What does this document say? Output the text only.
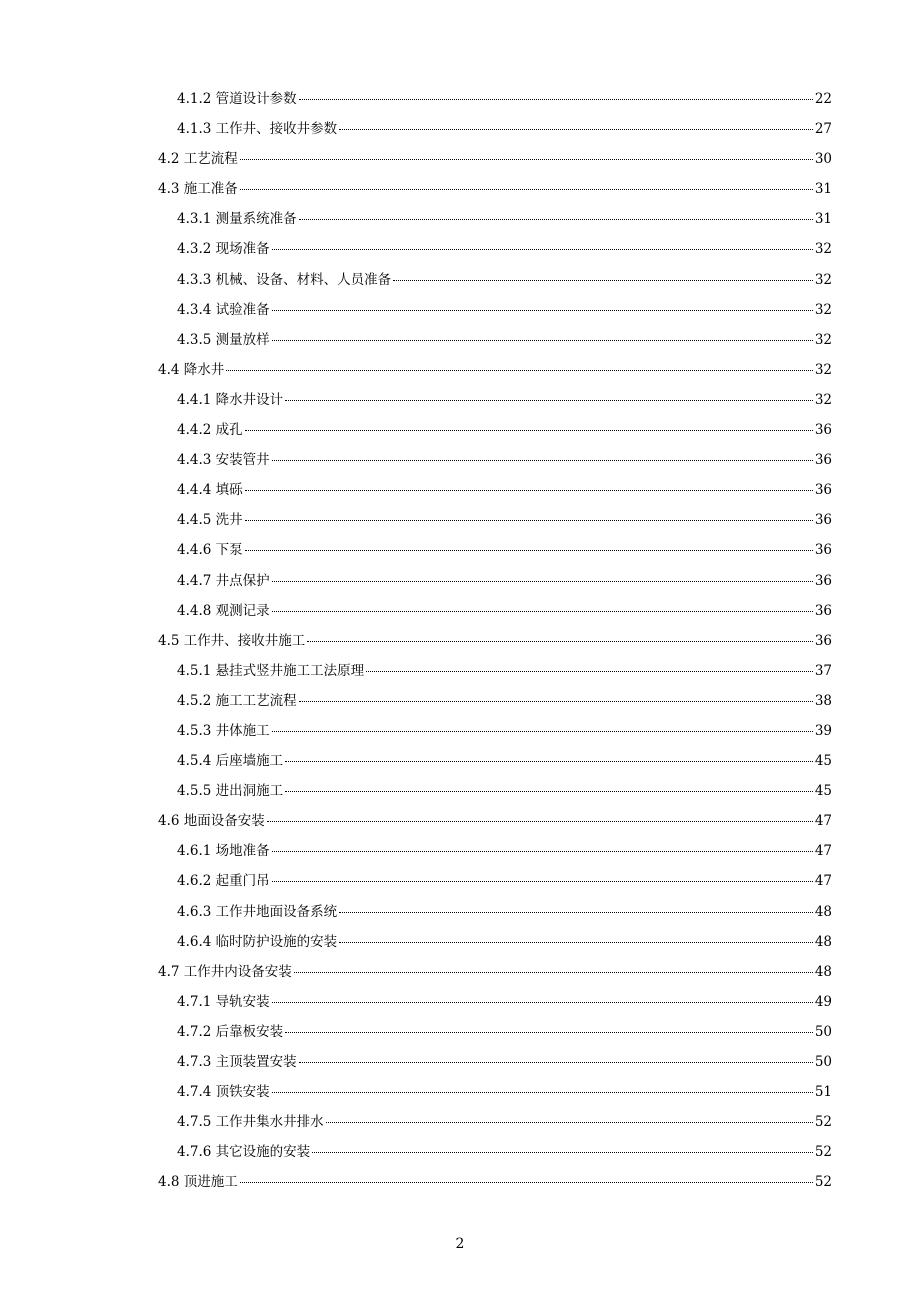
4.1.2 管道设计参数	22
4.1.3 工作井、接收井参数	27
4.2 工艺流程	30
4.3 施工准备	31
4.3.1 测量系统准备	31
4.3.2 现场准备	32
4.3.3 机械、设备、材料、人员准备	32
4.3.4 试验准备	32
4.3.5 测量放样	32
4.4 降水井	32
4.4.1 降水井设计	32
4.4.2 成孔	36
4.4.3 安装管井	36
4.4.4 填砾	36
4.4.5 洗井	36
4.4.6 下泵	36
4.4.7 井点保护	36
4.4.8 观测记录	36
4.5 工作井、接收井施工	36
4.5.1 悬挂式竖井施工工法原理	37
4.5.2 施工工艺流程	38
4.5.3 井体施工	39
4.5.4 后座墙施工	45
4.5.5 进出洞施工	45
4.6 地面设备安装	47
4.6.1 场地准备	47
4.6.2 起重门吊	47
4.6.3 工作井地面设备系统	48
4.6.4 临时防护设施的安装	48
4.7 工作井内设备安装	48
4.7.1 导轨安装	49
4.7.2 后靠板安装	50
4.7.3 主顶装置安装	50
4.7.4 顶铁安装	51
4.7.5 工作井集水井排水	52
4.7.6 其它设施的安装	52
4.8 顶进施工	52
2
